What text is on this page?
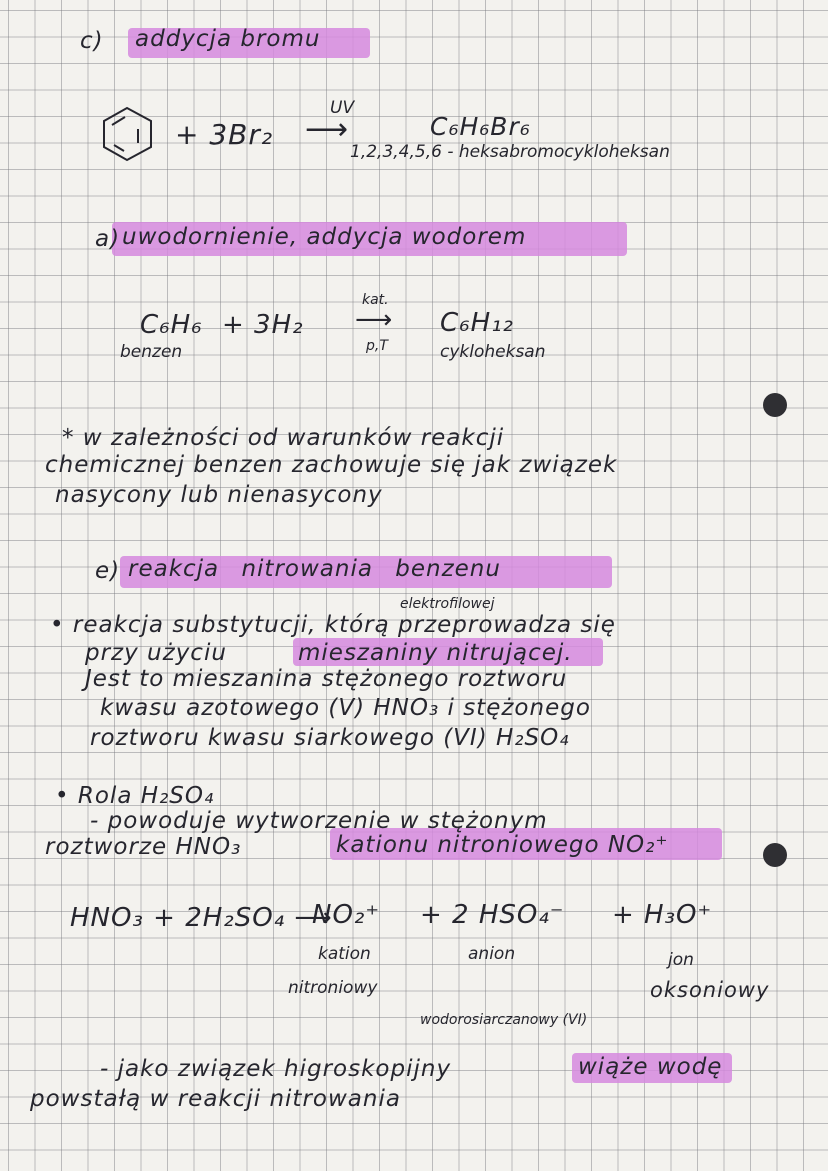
c) addycja bromu
+ 3Br₂
UV
⟶	C₆H₆Br₆
1,2,3,4,5,6 - heksabromocykloheksan
a) uwodornienie, addycja wodorem
C₆H₆ + 3H₂
kat.
⟶
p,T
C₆H₁₂
benzen	cykloheksan
* w zależności od warunków reakcji
chemicznej benzen zachowuje się jak związek
nasycony lub nienasycony
e) reakcja nitrowania benzenu
elektrofilowej
• reakcja substytucji, którą przeprowadza się
przy użyciu	mieszaniny nitrującej.
Jest to mieszanina stężonego roztworu
kwasu azotowego (V) HNO₃ i stężonego
roztworu kwasu siarkowego (VI) H₂SO₄
• Rola H₂SO₄
- powoduje wytworzenie w stężonym
roztworze HNO₃	kationu nitroniowego NO₂⁺
HNO₃ + 2H₂SO₄ ⟶
NO₂⁺ + 2 HSO₄⁻ + H₃O⁺
kation
nitroniowy
anion
wodorosiarczanowy (VI)
jon
oksoniowy
- jako związek higroskopijny	wiąże wodę
powstałą w reakcji nitrowania
